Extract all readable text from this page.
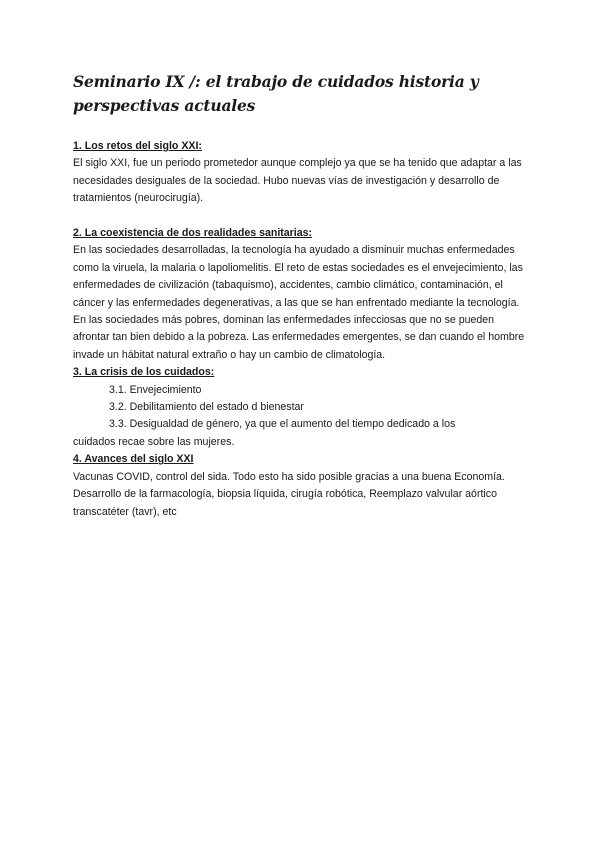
Seminario IX /: el trabajo de cuidados historia y perspectivas actuales
1. Los retos del siglo XXI:
El siglo XXI, fue un periodo prometedor aunque complejo ya que se ha tenido que adaptar a las necesidades desiguales de la sociedad. Hubo nuevas vías de investigación y desarrollo de tratamientos (neurocirugía).
2. La coexistencia de dos realidades sanitarias:
En las sociedades desarrolladas, la tecnología ha ayudado a disminuir muchas enfermedades como la viruela, la malaria o lapoliomelitis. El reto de estas sociedades es el envejecimiento, las enfermedades de civilización (tabaquismo), accidentes, cambio climático, contaminación, el cáncer y las enfermedades degenerativas, a las que se han enfrentado mediante la tecnología.
En las sociedades más pobres, dominan las enfermedades infecciosas que no se pueden afrontar tan bien debido a la pobreza. Las enfermedades emergentes, se dan cuando el hombre invade un hábitat natural extraño o hay un cambio de climatología.
3. La crisis de los cuidados:
3.1. Envejecimiento
3.2. Debilitamiento del estado d bienestar
3.3. Desigualdad de género, ya que el aumento del tiempo dedicado a los
cuidados recae sobre las mujeres.
4. Avances del siglo XXI
Vacunas COVID, control del sida. Todo esto ha sido posible gracias a una buena Economía. Desarrollo de la farmacología, biopsia líquida, cirugía robótica, Reemplazo valvular aórtico transcatéter (tavr), etc
